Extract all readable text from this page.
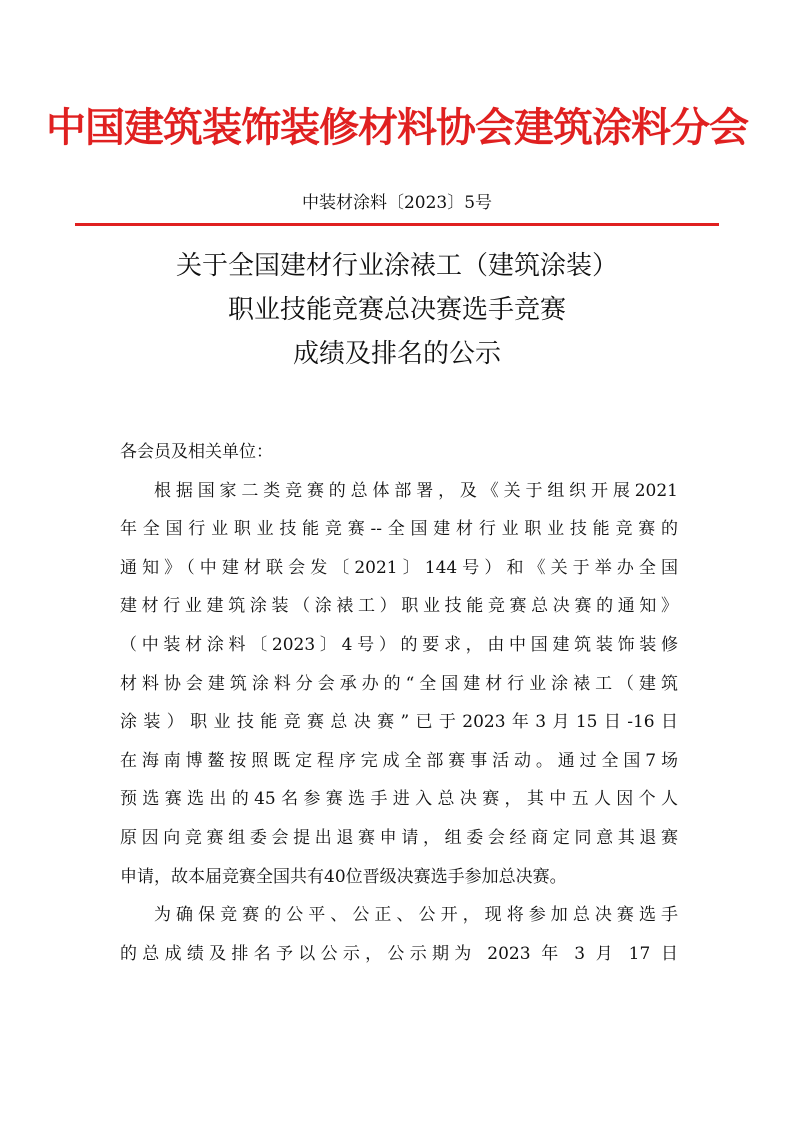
中国建筑装饰装修材料协会建筑涂料分会
中装材涂料〔2023〕5号
关于全国建材行业涂裱工（建筑涂装）
职业技能竞赛总决赛选手竞赛
成绩及排名的公示
各会员及相关单位：
根据国家二类竞赛的总体部署，及《关于组织开展2021
年全国行业职业技能竞赛--全国建材行业职业技能竞赛的
通知》（中建材联会发〔2021〕144号）和《关于举办全国
建材行业建筑涂装（涂裱工）职业技能竞赛总决赛的通知》
（中装材涂料〔2023〕4号）的要求，由中国建筑装饰装修
材料协会建筑涂料分会承办的“全国建材行业涂裱工（建筑
涂装）职业技能竞赛总决赛”已于2023年3月15日-16日
在海南博鳌按照既定程序完成全部赛事活动。通过全国7场
预选赛选出的45名参赛选手进入总决赛，其中五人因个人
原因向竞赛组委会提出退赛申请，组委会经商定同意其退赛
申请，故本届竞赛全国共有40位晋级决赛选手参加总决赛。
为确保竞赛的公平、公正、公开，现将参加总决赛选手
的总成绩及排名予以公示，公示期为 2023 年 3 月 17 日
